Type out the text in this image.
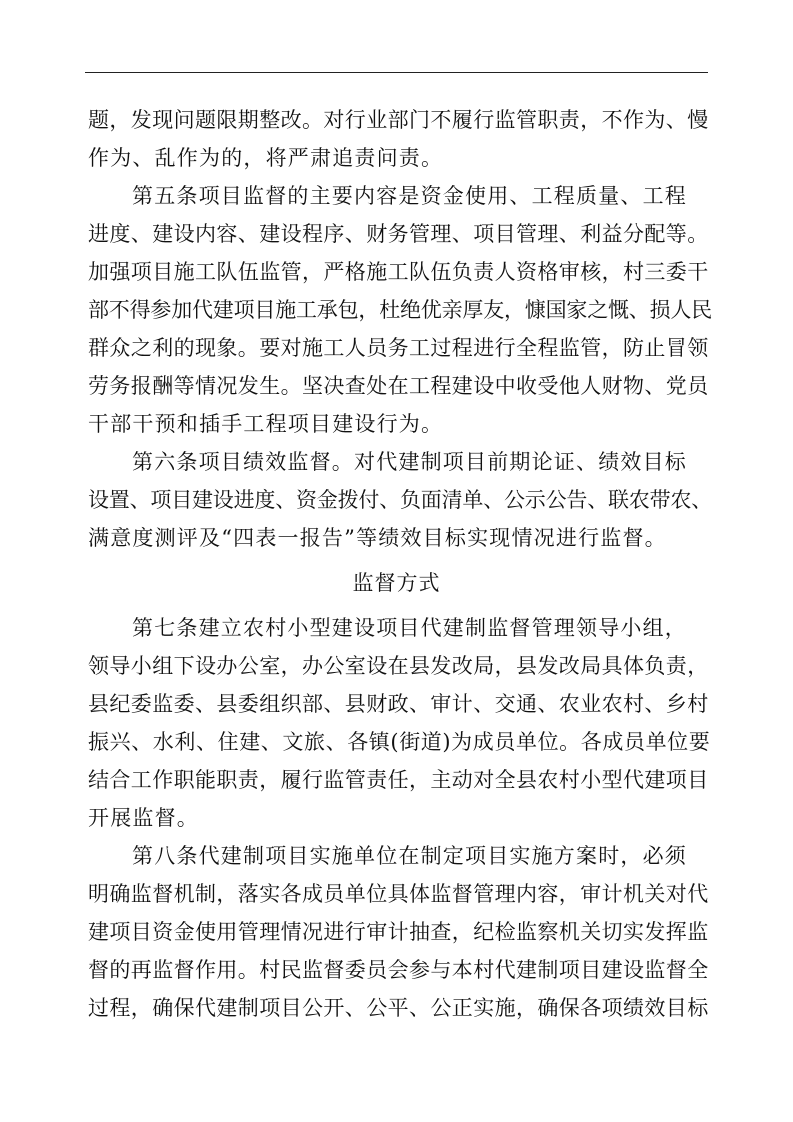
题，发现问题限期整改。对行业部门不履行监管职责，不作为、慢
作为、乱作为的，将严肃追责问责。
第五条项目监督的主要内容是资金使用、工程质量、工程
进度、建设内容、建设程序、财务管理、项目管理、利益分配等。
加强项目施工队伍监管，严格施工队伍负责人资格审核，村三委干
部不得参加代建项目施工承包，杜绝优亲厚友，慷国家之慨、损人民
群众之利的现象。要对施工人员务工过程进行全程监管，防止冒领
劳务报酬等情况发生。坚决查处在工程建设中收受他人财物、党员
干部干预和插手工程项目建设行为。
第六条项目绩效监督。对代建制项目前期论证、绩效目标
设置、项目建设进度、资金拨付、负面清单、公示公告、联农带农、
满意度测评及“四表一报告”等绩效目标实现情况进行监督。
监督方式
第七条建立农村小型建设项目代建制监督管理领导小组，
领导小组下设办公室，办公室设在县发改局，县发改局具体负责，
县纪委监委、县委组织部、县财政、审计、交通、农业农村、乡村
振兴、水利、住建、文旅、各镇(街道)为成员单位。各成员单位要
结合工作职能职责，履行监管责任，主动对全县农村小型代建项目
开展监督。
第八条代建制项目实施单位在制定项目实施方案时，必须
明确监督机制，落实各成员单位具体监督管理内容，审计机关对代
建项目资金使用管理情况进行审计抽查，纪检监察机关切实发挥监
督的再监督作用。村民监督委员会参与本村代建制项目建设监督全
过程，确保代建制项目公开、公平、公正实施，确保各项绩效目标
